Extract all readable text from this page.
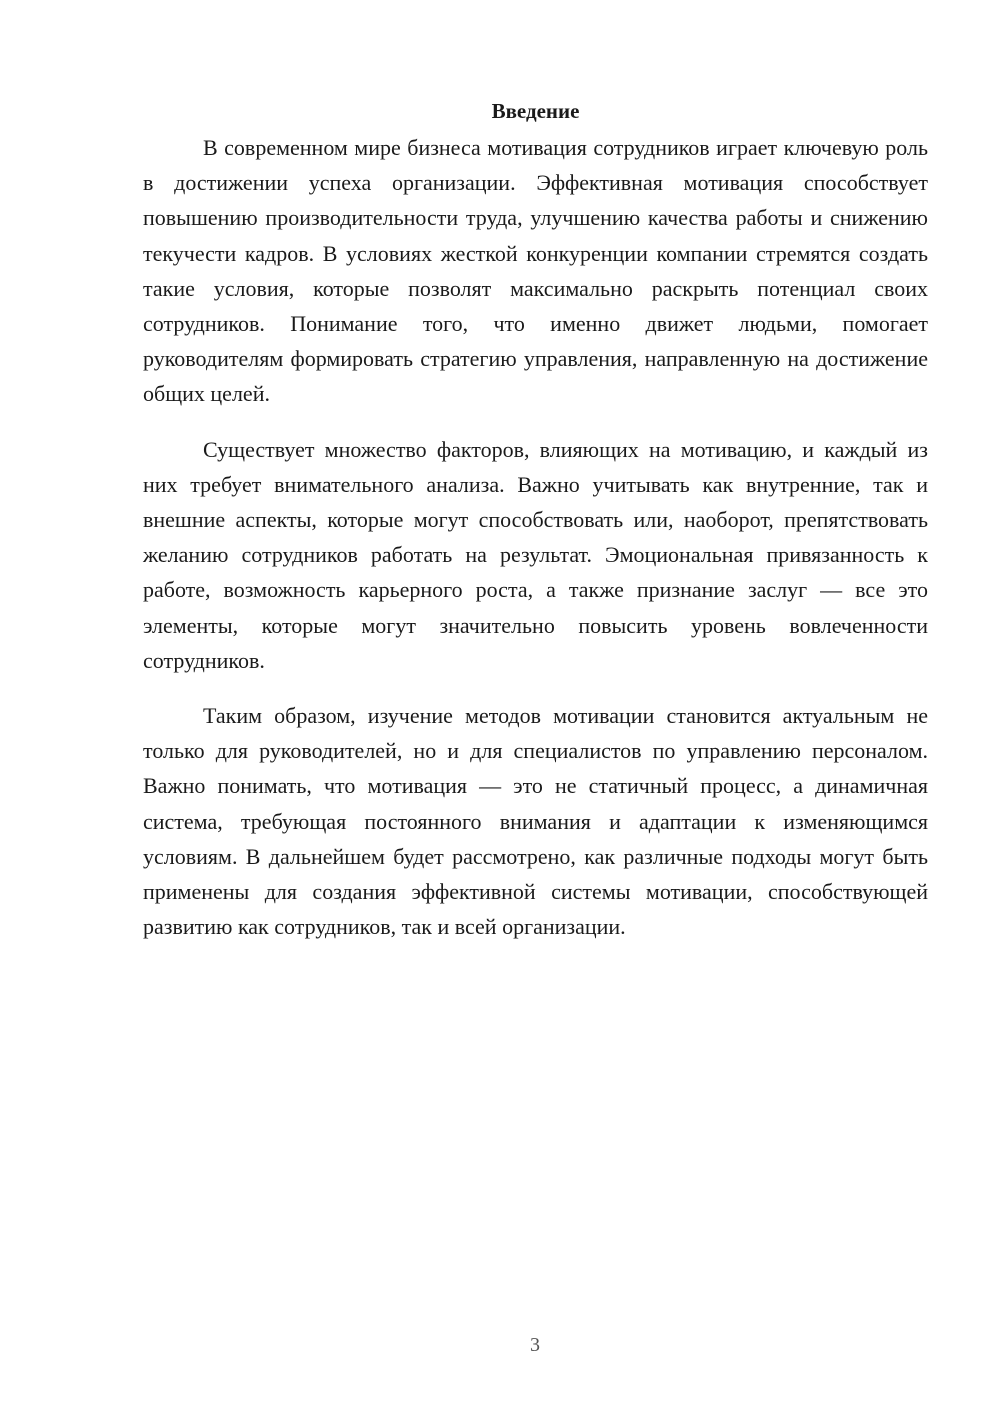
Введение

В современном мире бизнеса мотивация сотрудников играет ключевую роль в достижении успеха организации. Эффективная мотивация способствует повышению производительности труда, улучшению качества работы и снижению текучести кадров. В условиях жесткой конкуренции компании стремятся создать такие условия, которые позволят максимально раскрыть потенциал своих сотрудников. Понимание того, что именно движет людьми, помогает руководителям формировать стратегию управления, направленную на достижение общих целей.

Существует множество факторов, влияющих на мотивацию, и каждый из них требует внимательного анализа. Важно учитывать как внутренние, так и внешние аспекты, которые могут способствовать или, наоборот, препятствовать желанию сотрудников работать на результат. Эмоциональная привязанность к работе, возможность карьерного роста, а также признание заслуг — все это элементы, которые могут значительно повысить уровень вовлеченности сотрудников.

Таким образом, изучение методов мотивации становится актуальным не только для руководителей, но и для специалистов по управлению персоналом. Важно понимать, что мотивация — это не статичный процесс, а динамичная система, требующая постоянного внимания и адаптации к изменяющимся условиям. В дальнейшем будет рассмотрено, как различные подходы могут быть применены для создания эффективной системы мотивации, способствующей развитию как сотрудников, так и всей организации.

3
